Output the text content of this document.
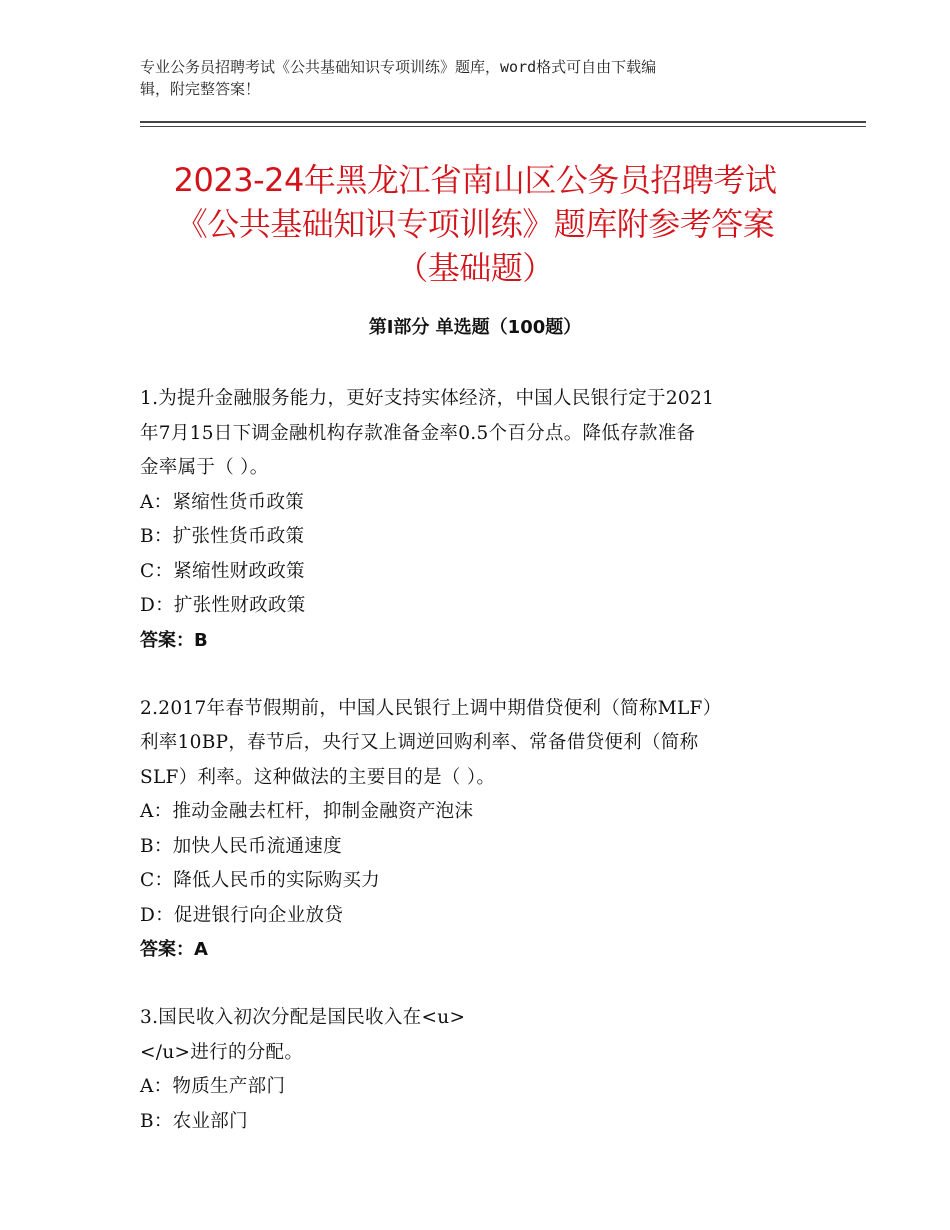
专业公务员招聘考试《公共基础知识专项训练》题库，word格式可自由下载编
辑，附完整答案！
2023-24年黑龙江省南山区公务员招聘考试
《公共基础知识专项训练》题库附参考答案
（基础题）
第Ⅰ部分 单选题（100题）
1.为提升金融服务能力，更好支持实体经济，中国人民银行定于2021
年7月15日下调金融机构存款准备金率0.5个百分点。降低存款准备
金率属于（ ）。
A：紧缩性货币政策
B：扩张性货币政策
C：紧缩性财政政策
D：扩张性财政政策
答案：B
2.2017年春节假期前，中国人民银行上调中期借贷便利（简称MLF）
利率10BP，春节后，央行又上调逆回购利率、常备借贷便利（简称
SLF）利率。这种做法的主要目的是（ ）。
A：推动金融去杠杆，抑制金融资产泡沫
B：加快人民币流通速度
C：降低人民币的实际购买力
D：促进银行向企业放贷
答案：A
3.国民收入初次分配是国民收入在<u>
</u>进行的分配。
A：物质生产部门
B：农业部门
